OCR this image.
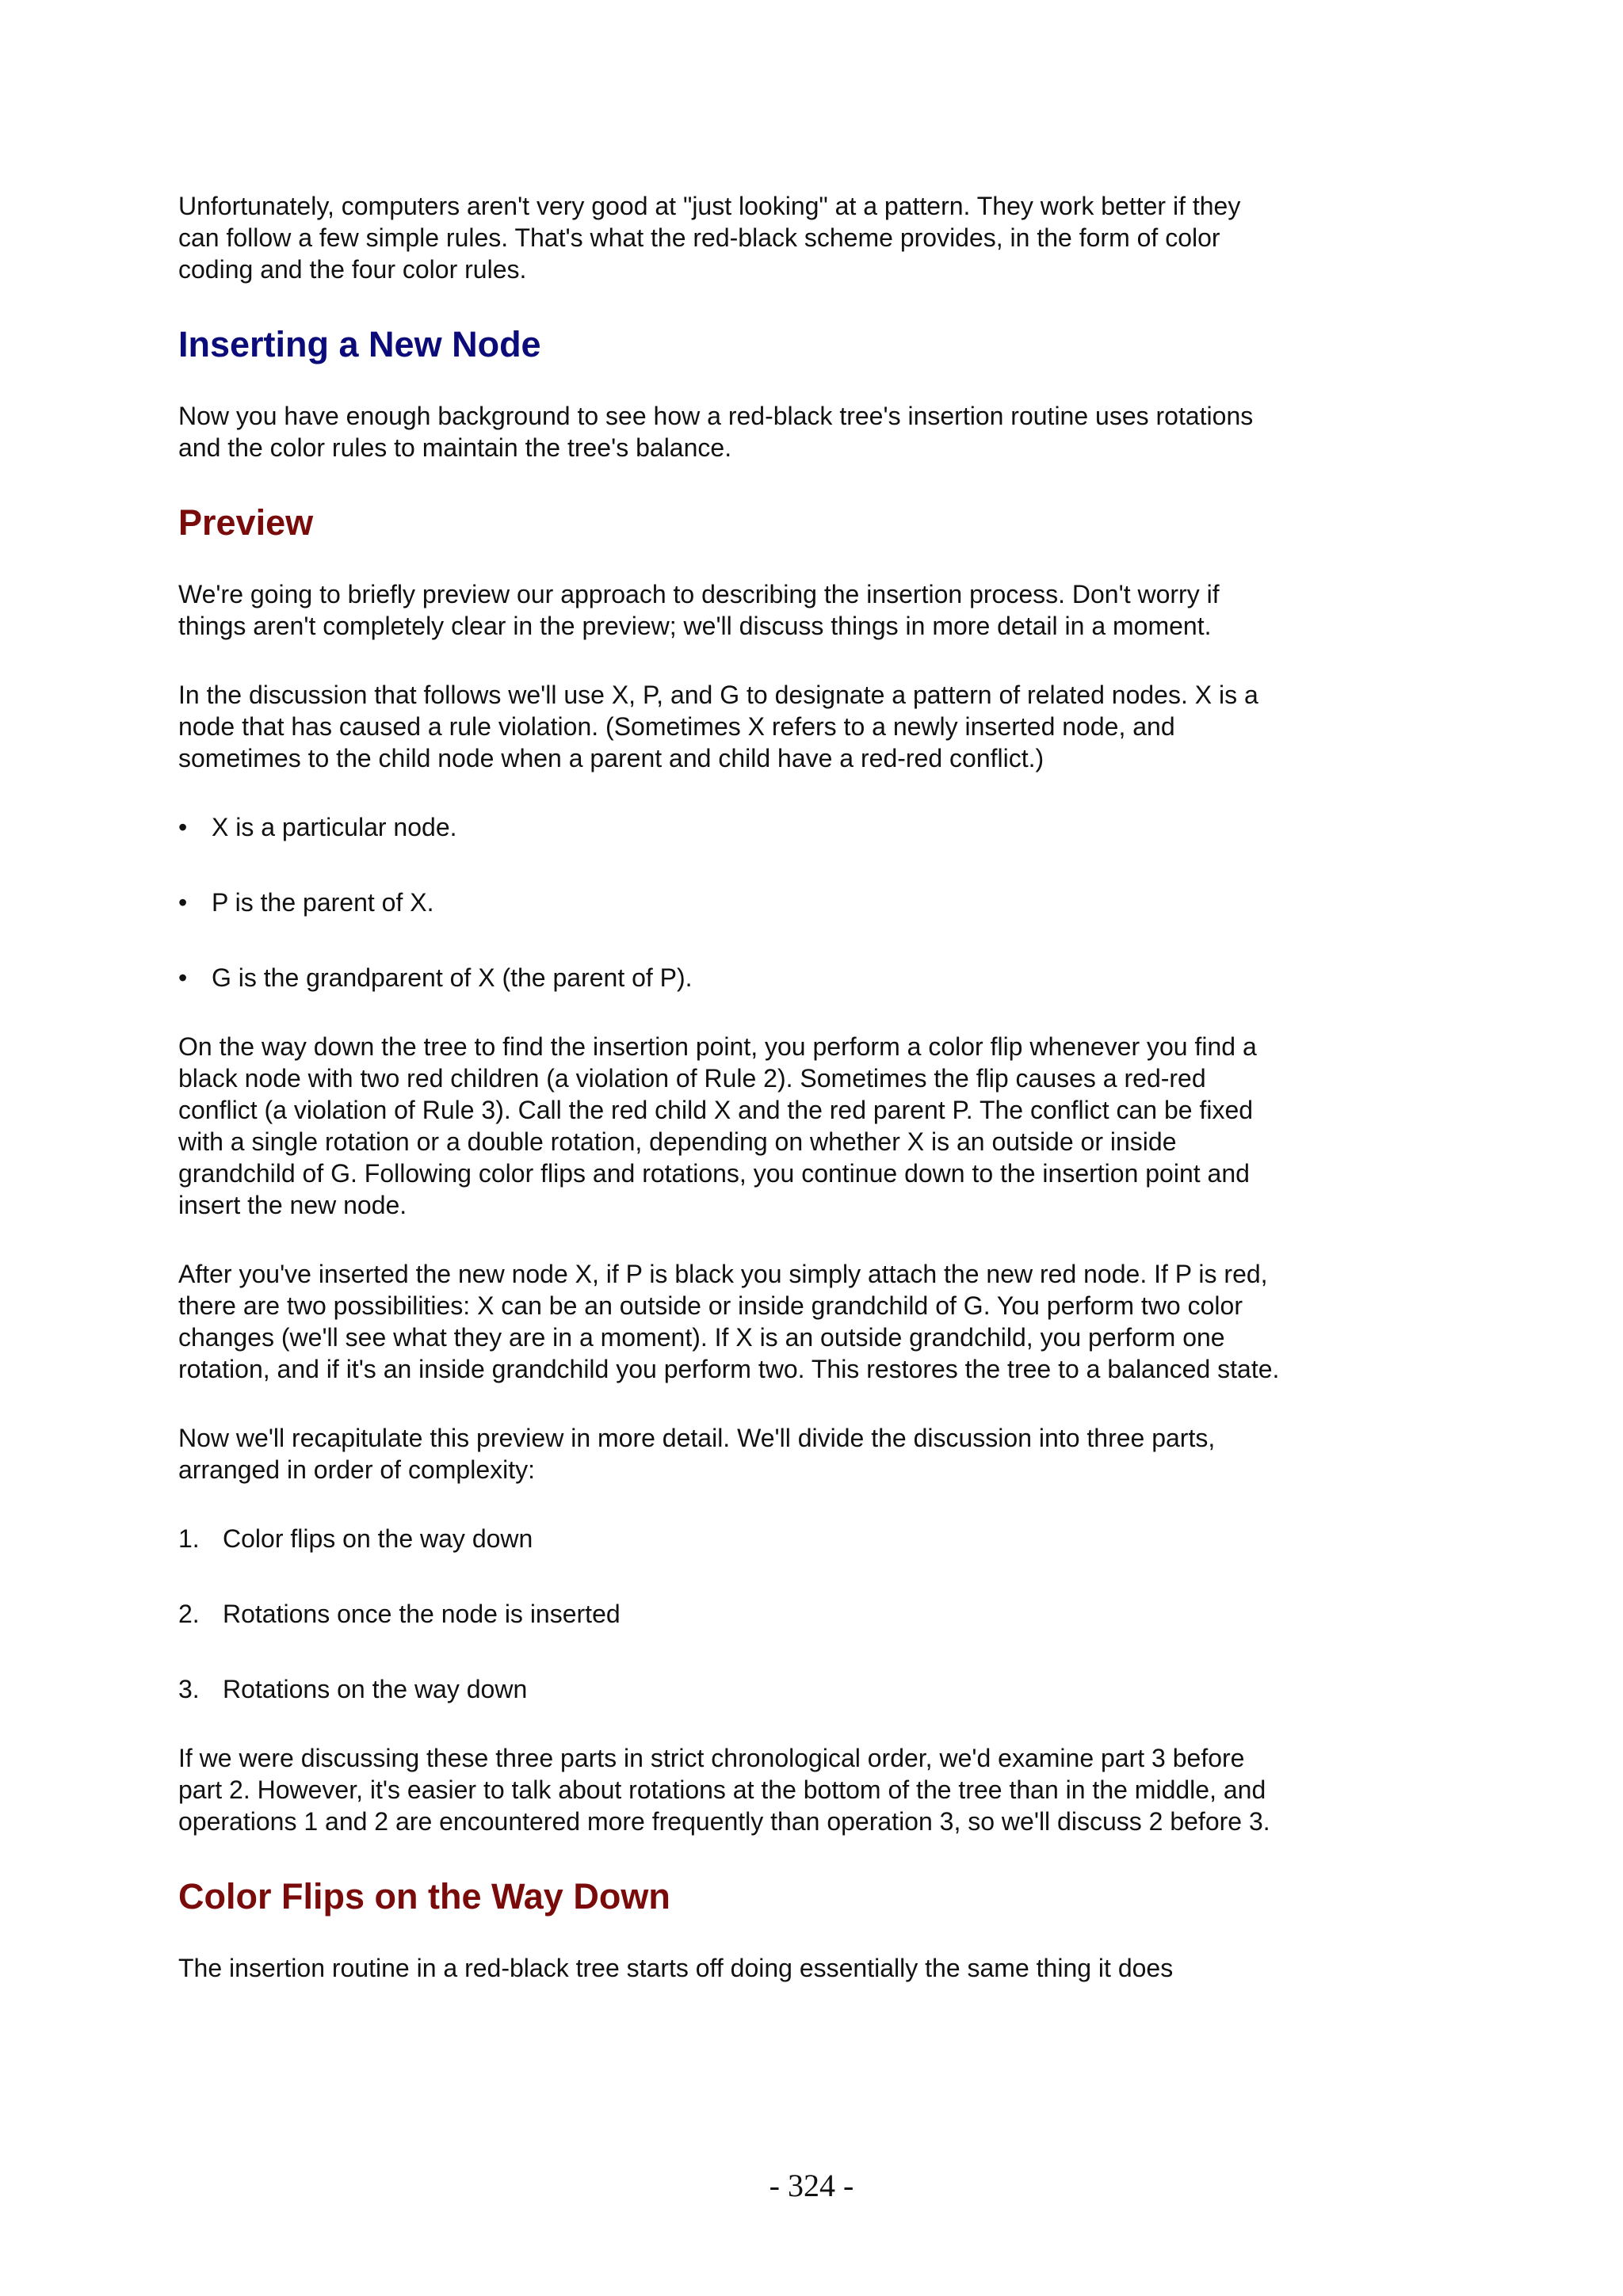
Unfortunately, computers aren't very good at "just looking" at a pattern. They work better if they can follow a few simple rules. That's what the red-black scheme provides, in the form of color coding and the four color rules.

Inserting a New Node

Now you have enough background to see how a red-black tree's insertion routine uses rotations and the color rules to maintain the tree's balance.

Preview

We're going to briefly preview our approach to describing the insertion process. Don't worry if things aren't completely clear in the preview; we'll discuss things in more detail in a moment.

In the discussion that follows we'll use X, P, and G to designate a pattern of related nodes. X is a node that has caused a rule violation. (Sometimes X refers to a newly inserted node, and sometimes to the child node when a parent and child have a red-red conflict.)

• X is a particular node.
• P is the parent of X.
• G is the grandparent of X (the parent of P).

On the way down the tree to find the insertion point, you perform a color flip whenever you find a black node with two red children (a violation of Rule 2). Sometimes the flip causes a red-red conflict (a violation of Rule 3). Call the red child X and the red parent P. The conflict can be fixed with a single rotation or a double rotation, depending on whether X is an outside or inside grandchild of G. Following color flips and rotations, you continue down to the insertion point and insert the new node.

After you've inserted the new node X, if P is black you simply attach the new red node. If P is red, there are two possibilities: X can be an outside or inside grandchild of G. You perform two color changes (we'll see what they are in a moment). If X is an outside grandchild, you perform one rotation, and if it's an inside grandchild you perform two. This restores the tree to a balanced state.

Now we'll recapitulate this preview in more detail. We'll divide the discussion into three parts, arranged in order of complexity:

1. Color flips on the way down
2. Rotations once the node is inserted
3. Rotations on the way down

If we were discussing these three parts in strict chronological order, we'd examine part 3 before part 2. However, it's easier to talk about rotations at the bottom of the tree than in the middle, and operations 1 and 2 are encountered more frequently than operation 3, so we'll discuss 2 before 3.

Color Flips on the Way Down

The insertion routine in a red-black tree starts off doing essentially the same thing it does

- 324 -
